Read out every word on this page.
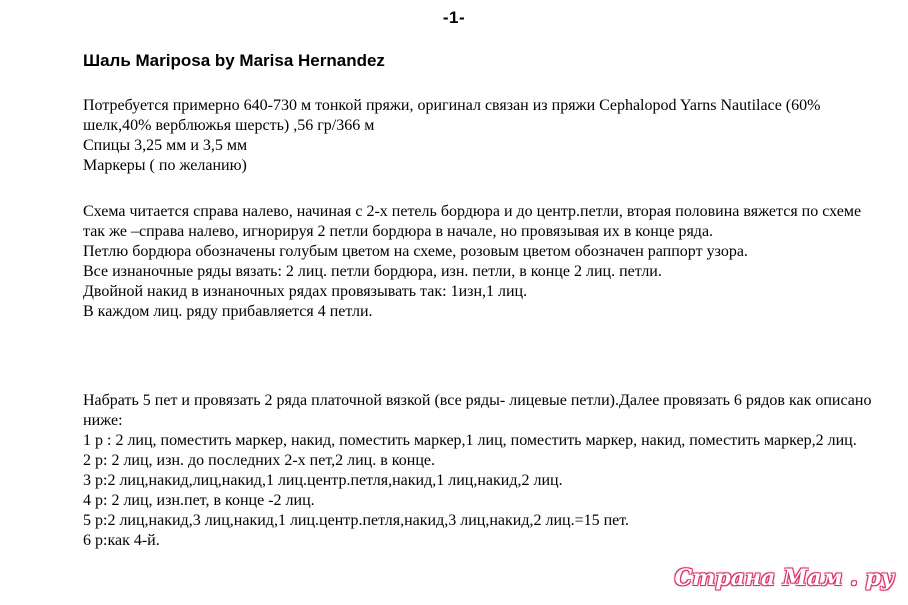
-1-
Шаль Mariposa by Marisa Hernandez

Потребуется примерно 640-730 м тонкой пряжи, оригинал связан из пряжи Cephalopod Yarns Nautilace (60% шелк,40% верблюжья шерсть) ,56 гр/366 м

Спицы 3,25 мм и 3,5 мм

Маркеры ( по желанию)

Схема читается справа налево, начиная с 2-х петель бордюра и до центр.петли, вторая половина вяжется по схеме так же –справа налево, игнорируя 2 петли бордюра в начале, но провязывая их в конце ряда.

Петлю бордюра обозначены голубым цветом на схеме, розовым цветом обозначен раппорт узора.

Все изнаночные ряды вязать: 2 лиц. петли бордюра, изн. петли, в конце 2 лиц. петли.

Двойной накид в изнаночных рядах провязывать так: 1изн,1 лиц.

В каждом лиц. ряду прибавляется 4 петли.

Набрать 5 пет и провязать 2 ряда платочной вязкой (все ряды- лицевые петли).Далее провязать 6 рядов как описано ниже:

1 р : 2 лиц, поместить маркер, накид, поместить маркер,1 лиц, поместить маркер, накид, поместить маркер,2 лиц.

2 р: 2 лиц, изн. до последних 2-х пет,2 лиц. в конце.

3 р:2 лиц,накид,лиц,накид,1 лиц.центр.петля,накид,1 лиц,накид,2 лиц.

4 р: 2 лиц, изн.пет, в конце -2 лиц.

5 р:2 лиц,накид,3 лиц,накид,1 лиц.центр.петля,накид,3 лиц,накид,2 лиц.=15 пет.

6 р:как 4-й.

Страна Мам . ру
